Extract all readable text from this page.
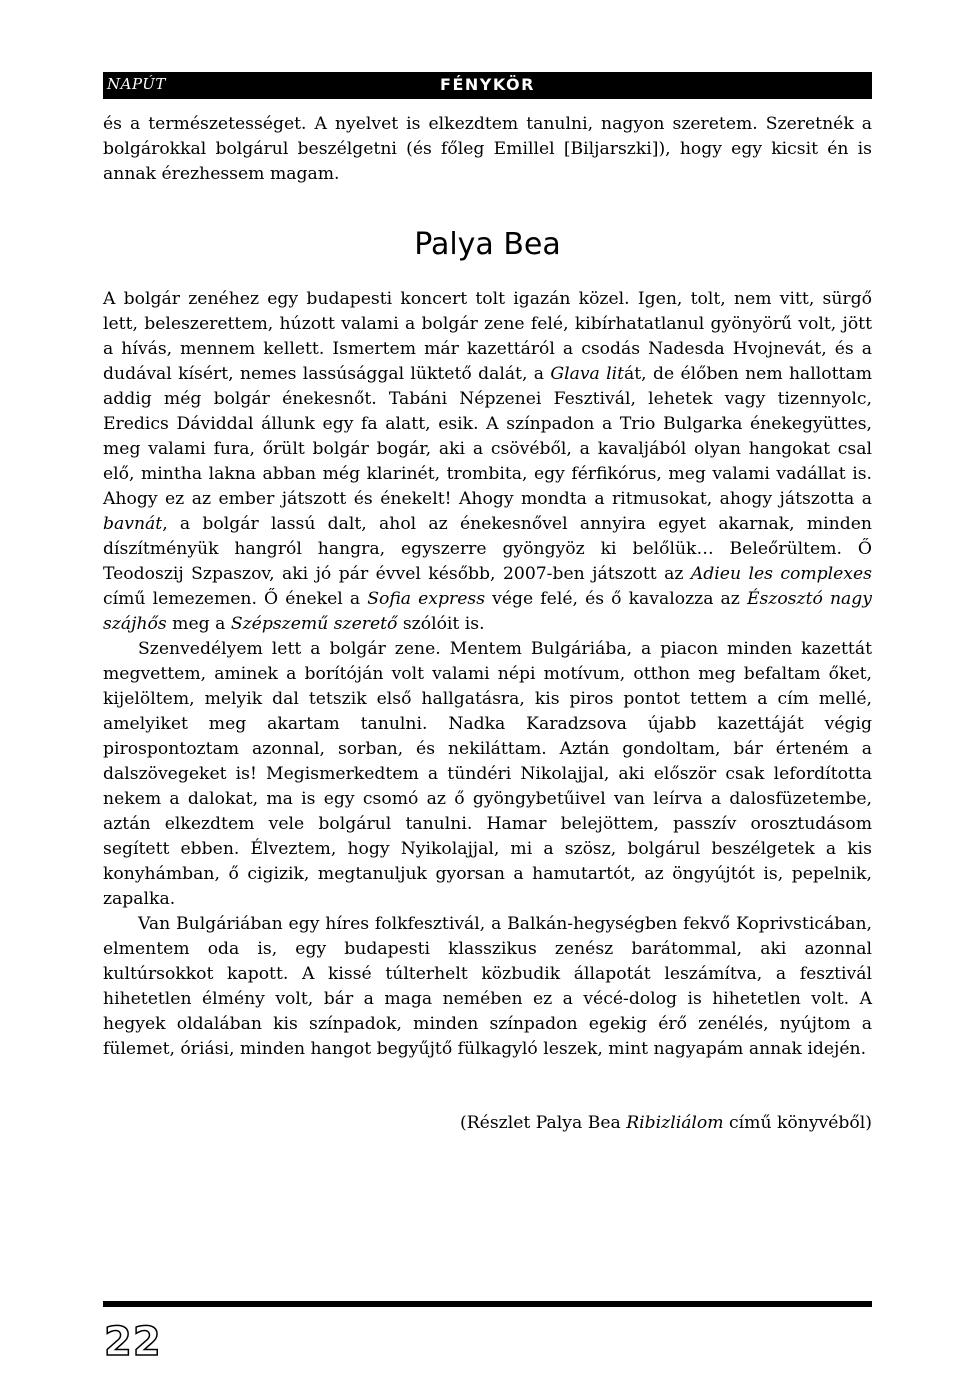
NAPÚT	FÉNYKÖR

és a természetességet. A nyelvet is elkezdtem tanulni, nagyon szeretem. Szeretnék a bolgárokkal bolgárul beszélgetni (és főleg Emillel [Biljarszki]), hogy egy kicsit én is annak érezhessem magam.

Palya Bea

A bolgár zenéhez egy budapesti koncert tolt igazán közel. Igen, tolt, nem vitt, sürgő lett, beleszerettem, húzott valami a bolgár zene felé, kibírhatatlanul gyönyörű volt, jött a hívás, mennem kellett. Ismertem már kazettáról a csodás Nadesda Hvojnevát, és a dudával kísért, nemes lassúsággal lüktető dalát, a Glava litát, de élőben nem hallottam addig még bolgár énekesnőt. Tabáni Népzenei Fesztivál, lehetek vagy tizennyolc, Eredics Dáviddal állunk egy fa alatt, esik. A színpadon a Trio Bulgarka énekegyüttes, meg valami fura, őrült bolgár bogár, aki a csövéből, a kavaljából olyan hangokat csal elő, mintha lakna abban még klarinét, trombita, egy férfikórus, meg valami vadállat is. Ahogy ez az ember játszott és énekelt! Ahogy mondta a ritmusokat, ahogy játszotta a bavnát, a bolgár lassú dalt, ahol az énekesnővel annyira egyet akarnak, minden díszítményük hangról hangra, egyszerre gyöngyöz ki belőlük… Beleőrültem. Ő Teodoszij Szpaszov, aki jó pár évvel később, 2007-ben játszott az Adieu les complexes című lemezemen. Ő énekel a Sofia express vége felé, és ő kavalozza az Észosztó nagy szájhős meg a Szépszemű szerető szólóit is.

Szenvedélyem lett a bolgár zene. Mentem Bulgáriába, a piacon minden kazettát megvettem, aminek a borítóján volt valami népi motívum, otthon meg befaltam őket, kijelöltem, melyik dal tetszik első hallgatásra, kis piros pontot tettem a cím mellé, amelyiket meg akartam tanulni. Nadka Karadzsova újabb kazettáját végig pirospontoztam azonnal, sorban, és nekiláttam. Aztán gondoltam, bár érteném a dalszövegeket is! Megismerkedtem a tündéri Nikolajjal, aki először csak lefordította nekem a dalokat, ma is egy csomó az ő gyöngybetűivel van leírva a dalosfüzetembe, aztán elkezdtem vele bolgárul tanulni. Hamar belejöttem, passzív orosztudásom segített ebben. Élveztem, hogy Nyikolajjal, mi a szösz, bolgárul beszélgetek a kis konyhámban, ő cigizik, megtanuljuk gyorsan a hamutartót, az öngyújtót is, pepelnik, zapalka.

Van Bulgáriában egy híres folkfesztivál, a Balkán-hegységben fekvő Koprivsticában, elmentem oda is, egy budapesti klasszikus zenész barátommal, aki azonnal kultúrsokkot kapott. A kissé túlterhelt közbudik állapotát leszámítva, a fesztivál hihetetlen élmény volt, bár a maga nemében ez a vécé-dolog is hihetetlen volt. A hegyek oldalában kis színpadok, minden színpadon egekig érő zenélés, nyújtom a fülemet, óriási, minden hangot begyűjtő fülkagyló leszek, mint nagyapám annak idején.

(Részlet Palya Bea Ribizliálom című könyvéből)
22
